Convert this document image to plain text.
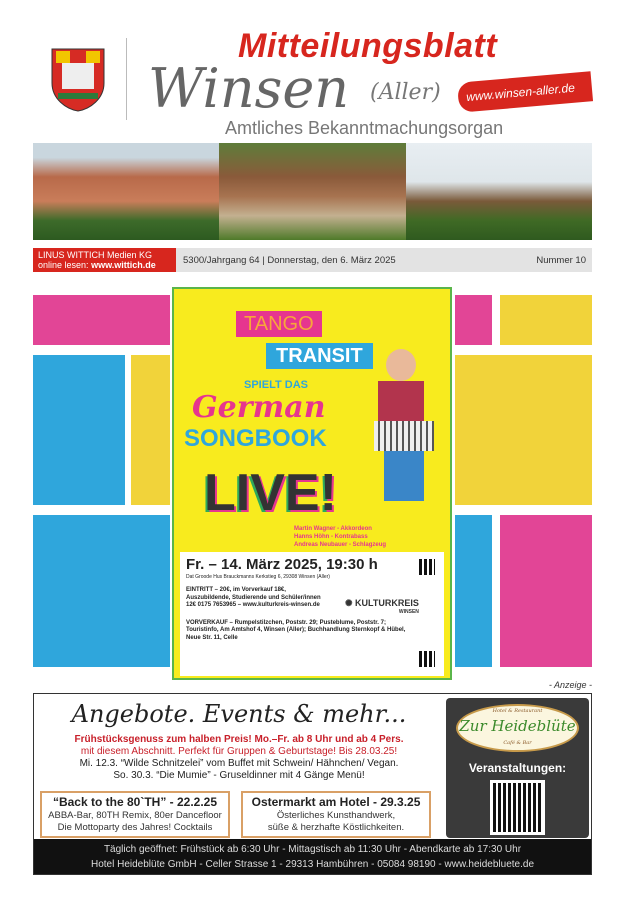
Mitteilungsblatt
Winsen (Aller)	www.winsen-aller.de
Amtliches Bekanntmachungsorgan
LINUS WITTICH Medien KG
online lesen: www.wittich.de	5300/Jahrgang 64 | Donnerstag, den 6. März 2025	Nummer 10
TANGO
TRANSIT
SPIELT DAS
German
SONGBOOK
LIVE!
Martin Wagner - Akkordeon
Hanns Höhn - Kontrabass
Andreas Neubauer - Schlagzeug
Fr. – 14. März 2025, 19:30 h
Dat Groode Hus Brauckmanns Kerkstieg 6, 29308 Winsen (Aller)
EINTRITT – 20€, im Vorverkauf 18€, Auszubildende, Studierende und Schüler/innen 12€ 0175 7653965 – www.kulturkreis-winsen.de	✺ KULTURKREIS
WINSEN
VORVERKAUF – Rumpelstilzchen, Poststr. 29; Pusteblume, Poststr. 7; Touristinfo, Am Amtshof 4, Winsen (Aller); Buchhandlung Sternkopf & Hübel, Neue Str. 11, Celle
- Anzeige -
Angebote. Events & mehr...
Frühstücksgenuss zum halben Preis! Mo.–Fr. ab 8 Uhr und ab 4 Pers.
mit diesem Abschnitt. Perfekt für Gruppen & Geburtstage! Bis 28.03.25!
Mi. 12.3. “Wilde Schnitzelei” vom Buffet mit Schwein/ Hähnchen/ Vegan.
So. 30.3. “Die Mumie” - Gruseldinner mit 4 Gänge Menü!
“Back to the 80`TH” - 22.2.25
ABBA-Bar, 80TH Remix, 80er Dancefloor
Die Mottoparty des Jahres! Cocktails
Ostermarkt am Hotel - 29.3.25
Österliches Kunsthandwerk,
süße & herzhafte Köstlichkeiten.
Hotel & Restaurant
Zur Heideblüte
Café & Bar
Veranstaltungen:
Täglich geöffnet: Frühstück ab 6:30 Uhr - Mittagstisch ab 11:30 Uhr - Abendkarte ab 17:30 Uhr
Hotel Heideblüte GmbH - Celler Strasse 1 - 29313 Hambühren - 05084 98190 - www.heidebluete.de
